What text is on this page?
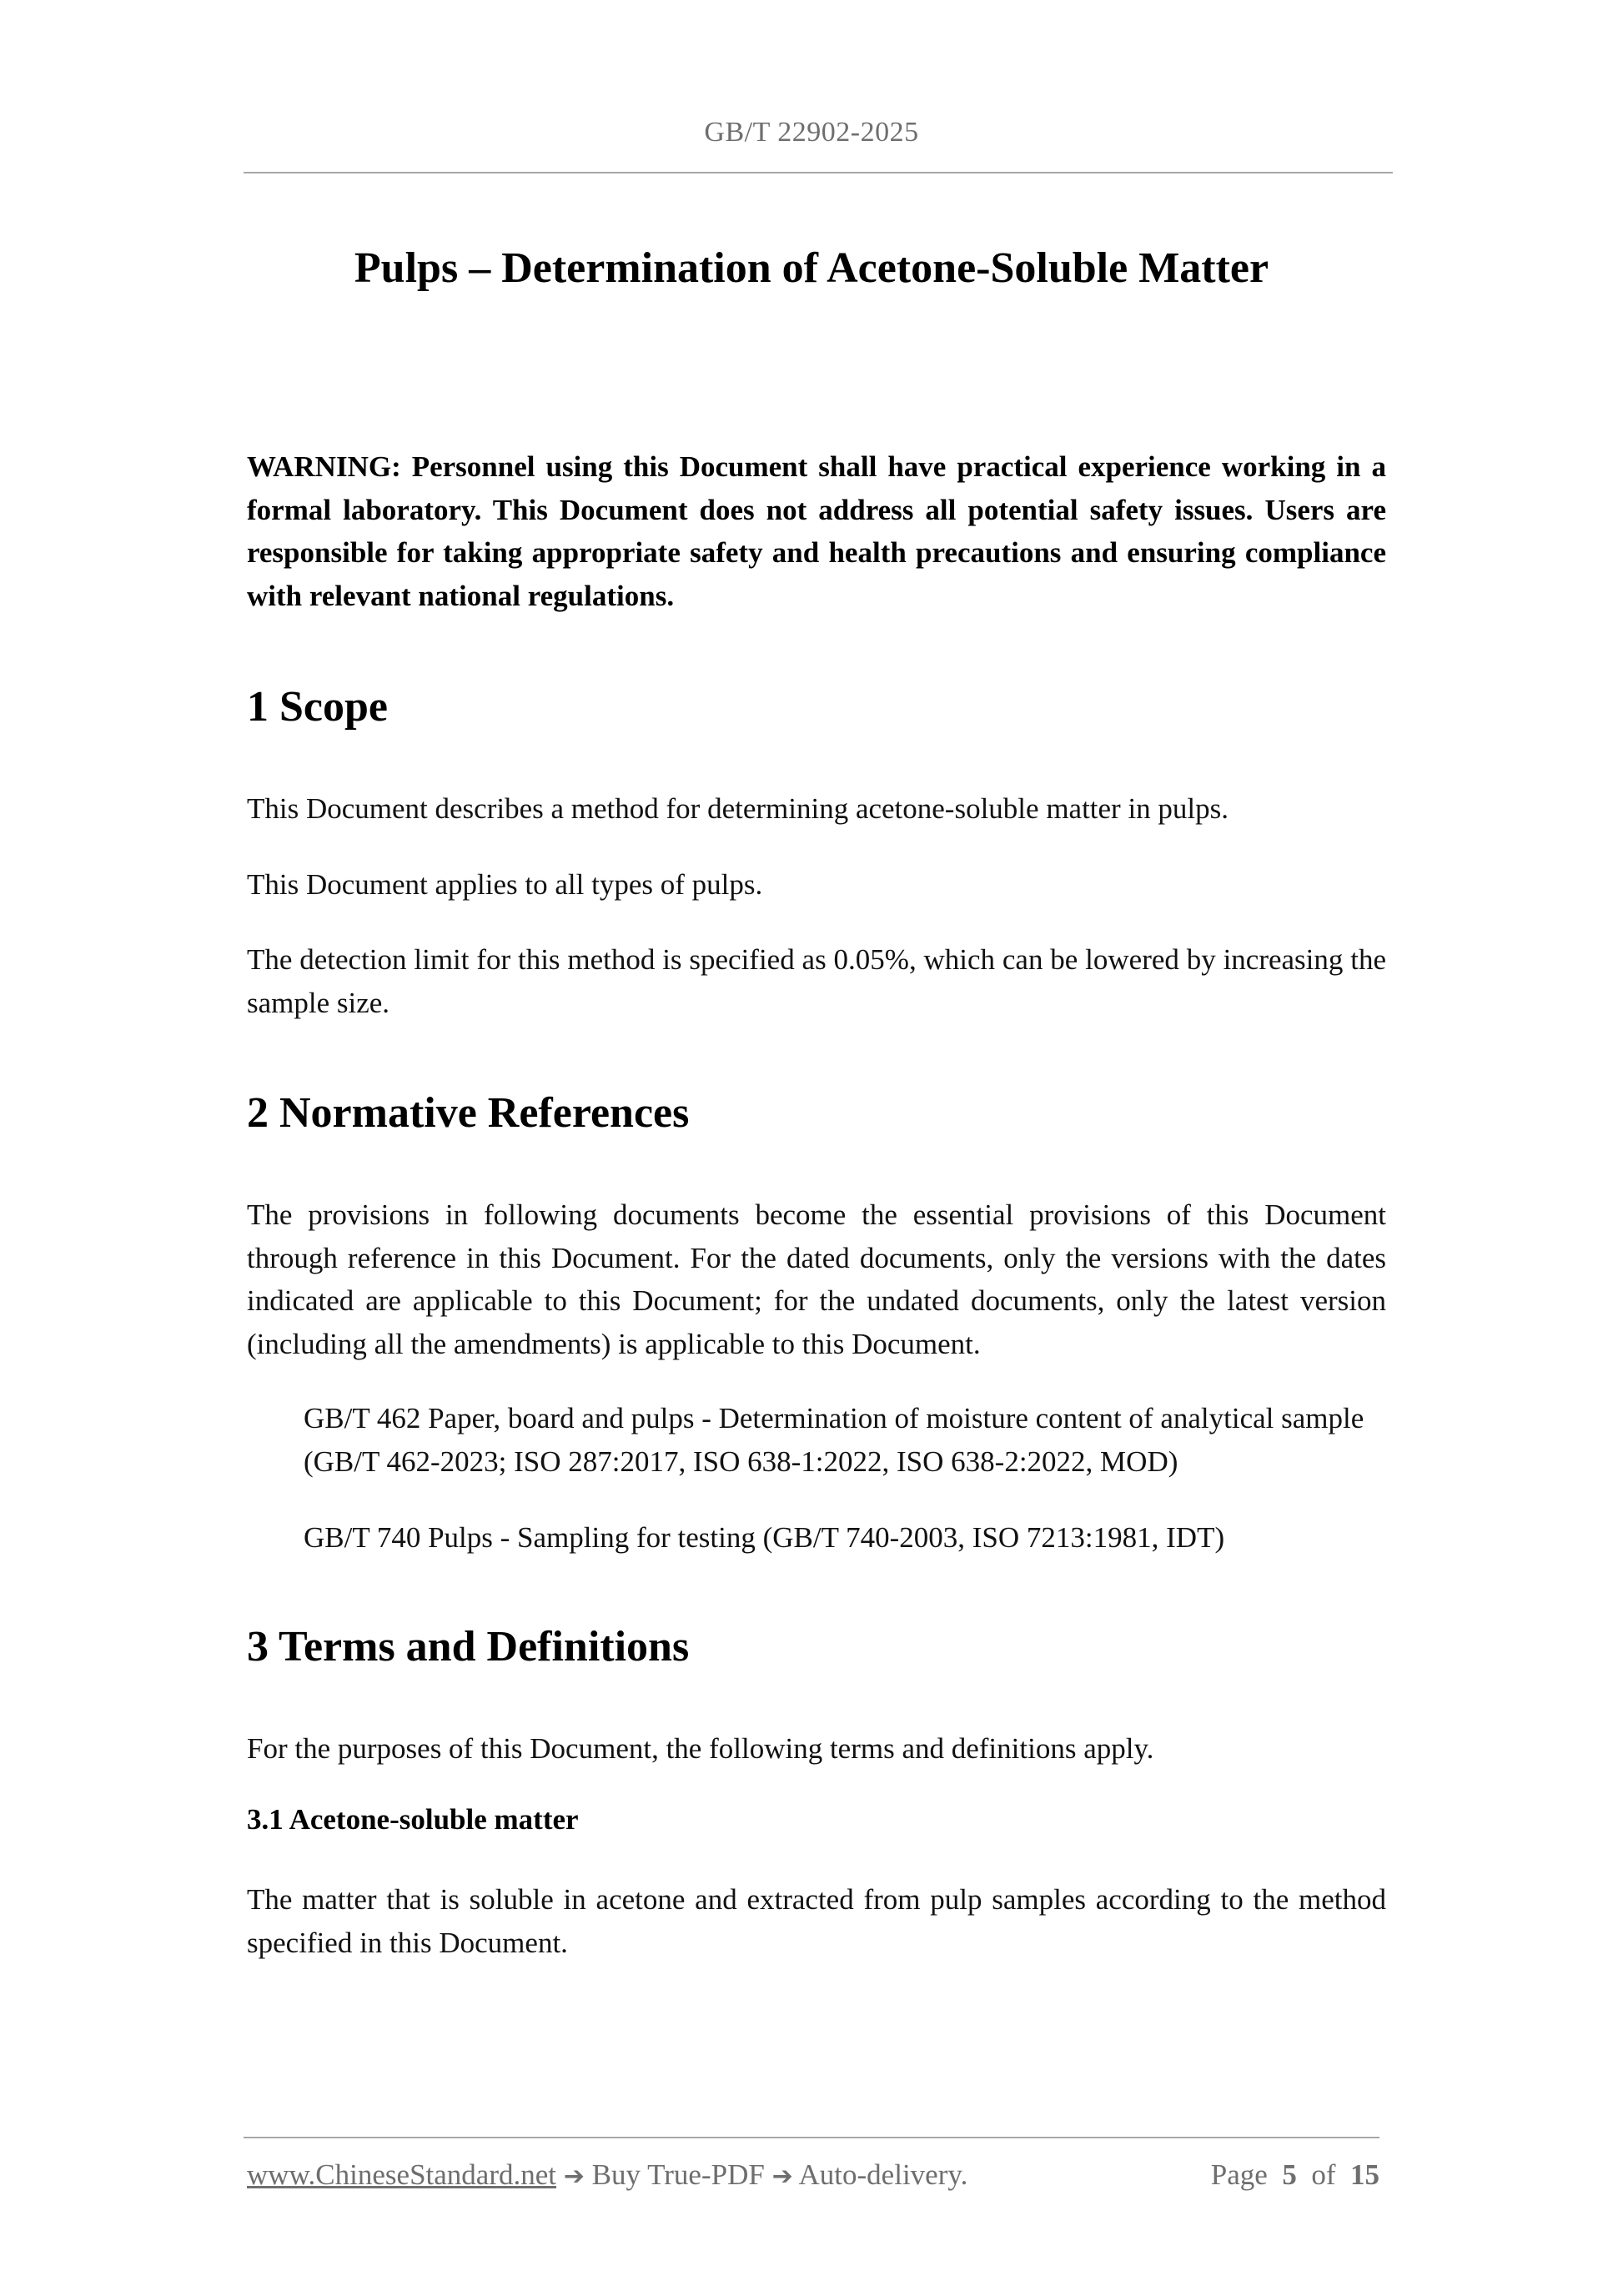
GB/T 22902-2025
Pulps – Determination of Acetone-Soluble Matter

WARNING: Personnel using this Document shall have practical experience working in a formal laboratory. This Document does not address all potential safety issues. Users are responsible for taking appropriate safety and health precautions and ensuring compliance with relevant national regulations.

1 Scope

This Document describes a method for determining acetone-soluble matter in pulps.

This Document applies to all types of pulps.

The detection limit for this method is specified as 0.05%, which can be lowered by increasing the sample size.

2 Normative References

The provisions in following documents become the essential provisions of this Document through reference in this Document. For the dated documents, only the versions with the dates indicated are applicable to this Document; for the undated documents, only the latest version (including all the amendments) is applicable to this Document.

GB/T 462 Paper, board and pulps - Determination of moisture content of analytical sample (GB/T 462-2023; ISO 287:2017, ISO 638-1:2022, ISO 638-2:2022, MOD)

GB/T 740 Pulps - Sampling for testing (GB/T 740-2003, ISO 7213:1981, IDT)

3 Terms and Definitions

For the purposes of this Document, the following terms and definitions apply.

3.1 Acetone-soluble matter

The matter that is soluble in acetone and extracted from pulp samples according to the method specified in this Document.

www.ChineseStandard.net ➔ Buy True-PDF ➔ Auto-delivery.	Page 5 of 15
